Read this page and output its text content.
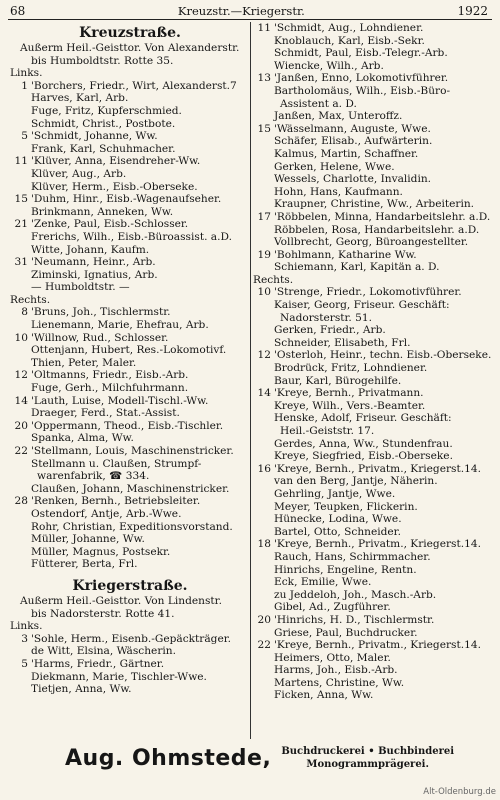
68	Kreuzstr.—Kriegerstr.	1922
Kreuzstraße.
Außerm Heil.-Geisttor. Von Alexanderstr.
bis Humboldtstr. Rotte 35.
Links.
1 'Borchers, Friedr., Wirt, Alexanderst.7
Harves, Karl, Arb.
Fuge, Fritz, Kupferschmied.
Schmidt, Christ., Postbote.
5 'Schmidt, Johanne, Ww.
Frank, Karl, Schuhmacher.
11 'Klüver, Anna, Eisendreher-Ww.
Klüver, Aug., Arb.
Klüver, Herm., Eisb.-Oberseke.
15 'Duhm, Hinr., Eisb.-Wagenaufseher.
Brinkmann, Anneken, Ww.
21 'Zenke, Paul, Eisb.-Schlosser.
Frerichs, Wilh., Eisb.-Büroassist. a.D.
Witte, Johann, Kaufm.
31 'Neumann, Heinr., Arb.
Ziminski, Ignatius, Arb.
— Humboldtstr. —
Rechts.
8 'Bruns, Joh., Tischlermstr.
Lienemann, Marie, Ehefrau, Arb.
10 'Willnow, Rud., Schlosser.
Ottenjann, Hubert, Res.-Lokomotivf.
Thien, Peter, Maler.
12 'Oltmanns, Friedr., Eisb.-Arb.
Fuge, Gerh., Milchfuhrmann.
14 'Lauth, Luise, Modell-Tischl.-Ww.
Draeger, Ferd., Stat.-Assist.
20 'Oppermann, Theod., Eisb.-Tischler.
Spanka, Alma, Ww.
22 'Stellmann, Louis, Maschinenstricker.
Stellmann u. Claußen, Strumpf-
warenfabrik, ☎ 334.
Claußen, Johann, Maschinenstricker.
28 'Renken, Bernh., Betriebsleiter.
Ostendorf, Antje, Arb.-Wwe.
Rohr, Christian, Expeditionsvorstand.
Müller, Johanne, Ww.
Müller, Magnus, Postsekr.
Fütterer, Berta, Frl.
Kriegerstraße.
Außerm Heil.-Geisttor. Von Lindenstr.
bis Nadorsterstr. Rotte 41.
Links.
3 'Sohle, Herm., Eisenb.-Gepäckträger.
de Witt, Elsina, Wäscherin.
5 'Harms, Friedr., Gärtner.
Diekmann, Marie, Tischler-Wwe.
Tietjen, Anna, Ww.
11 'Schmidt, Aug., Lohndiener.
Knoblauch, Karl, Eisb.-Sekr.
Schmidt, Paul, Eisb.-Telegr.-Arb.
Wiencke, Wilh., Arb.
13 'Janßen, Enno, Lokomotivführer.
Bartholomäus, Wilh., Eisb.-Büro-
Assistent a. D.
Janßen, Max, Unteroffz.
15 'Wässelmann, Auguste, Wwe.
Schäfer, Elisab., Aufwärterin.
Kalmus, Martin, Schaffner.
Gerken, Helene, Wwe.
Wessels, Charlotte, Invalidin.
Hohn, Hans, Kaufmann.
Kraupner, Christine, Ww., Arbeiterin.
17 'Röbbelen, Minna, Handarbeitslehr. a.D.
Röbbelen, Rosa, Handarbeitslehr. a.D.
Vollbrecht, Georg, Büroangestellter.
19 'Bohlmann, Katharine Ww.
Schiemann, Karl, Kapitän a. D.
Rechts.
10 'Strenge, Friedr., Lokomotivführer.
Kaiser, Georg, Friseur. Geschäft:
Nadorsterstr. 51.
Gerken, Friedr., Arb.
Schneider, Elisabeth, Frl.
12 'Osterloh, Heinr., techn. Eisb.-Oberseke.
Brodrück, Fritz, Lohndiener.
Baur, Karl, Bürogehilfe.
14 'Kreye, Bernh., Privatmann.
Kreye, Wilh., Vers.-Beamter.
Henske, Adolf, Friseur. Geschäft:
Heil.-Geiststr. 17.
Gerdes, Anna, Ww., Stundenfrau.
Kreye, Siegfried, Eisb.-Oberseke.
16 'Kreye, Bernh., Privatm., Kriegerst.14.
van den Berg, Jantje, Näherin.
Gehrling, Jantje, Wwe.
Meyer, Teupken, Flickerin.
Hünecke, Lodina, Wwe.
Bartel, Otto, Schneider.
18 'Kreye, Bernh., Privatm., Kriegerst.14.
Rauch, Hans, Schirmmacher.
Hinrichs, Engeline, Rentn.
Eck, Emilie, Wwe.
zu Jeddeloh, Joh., Masch.-Arb.
Gibel, Ad., Zugführer.
20 'Hinrichs, H. D., Tischlermstr.
Griese, Paul, Buchdrucker.
22 'Kreye, Bernh., Privatm., Kriegerst.14.
Heimers, Otto, Maler.
Harms, Joh., Eisb.-Arb.
Martens, Christine, Ww.
Ficken, Anna, Ww.
Aug. Ohmstede, Buchdruckerei • Buchbinderei
Monogrammprägerei.
Alt-Oldenburg.de
